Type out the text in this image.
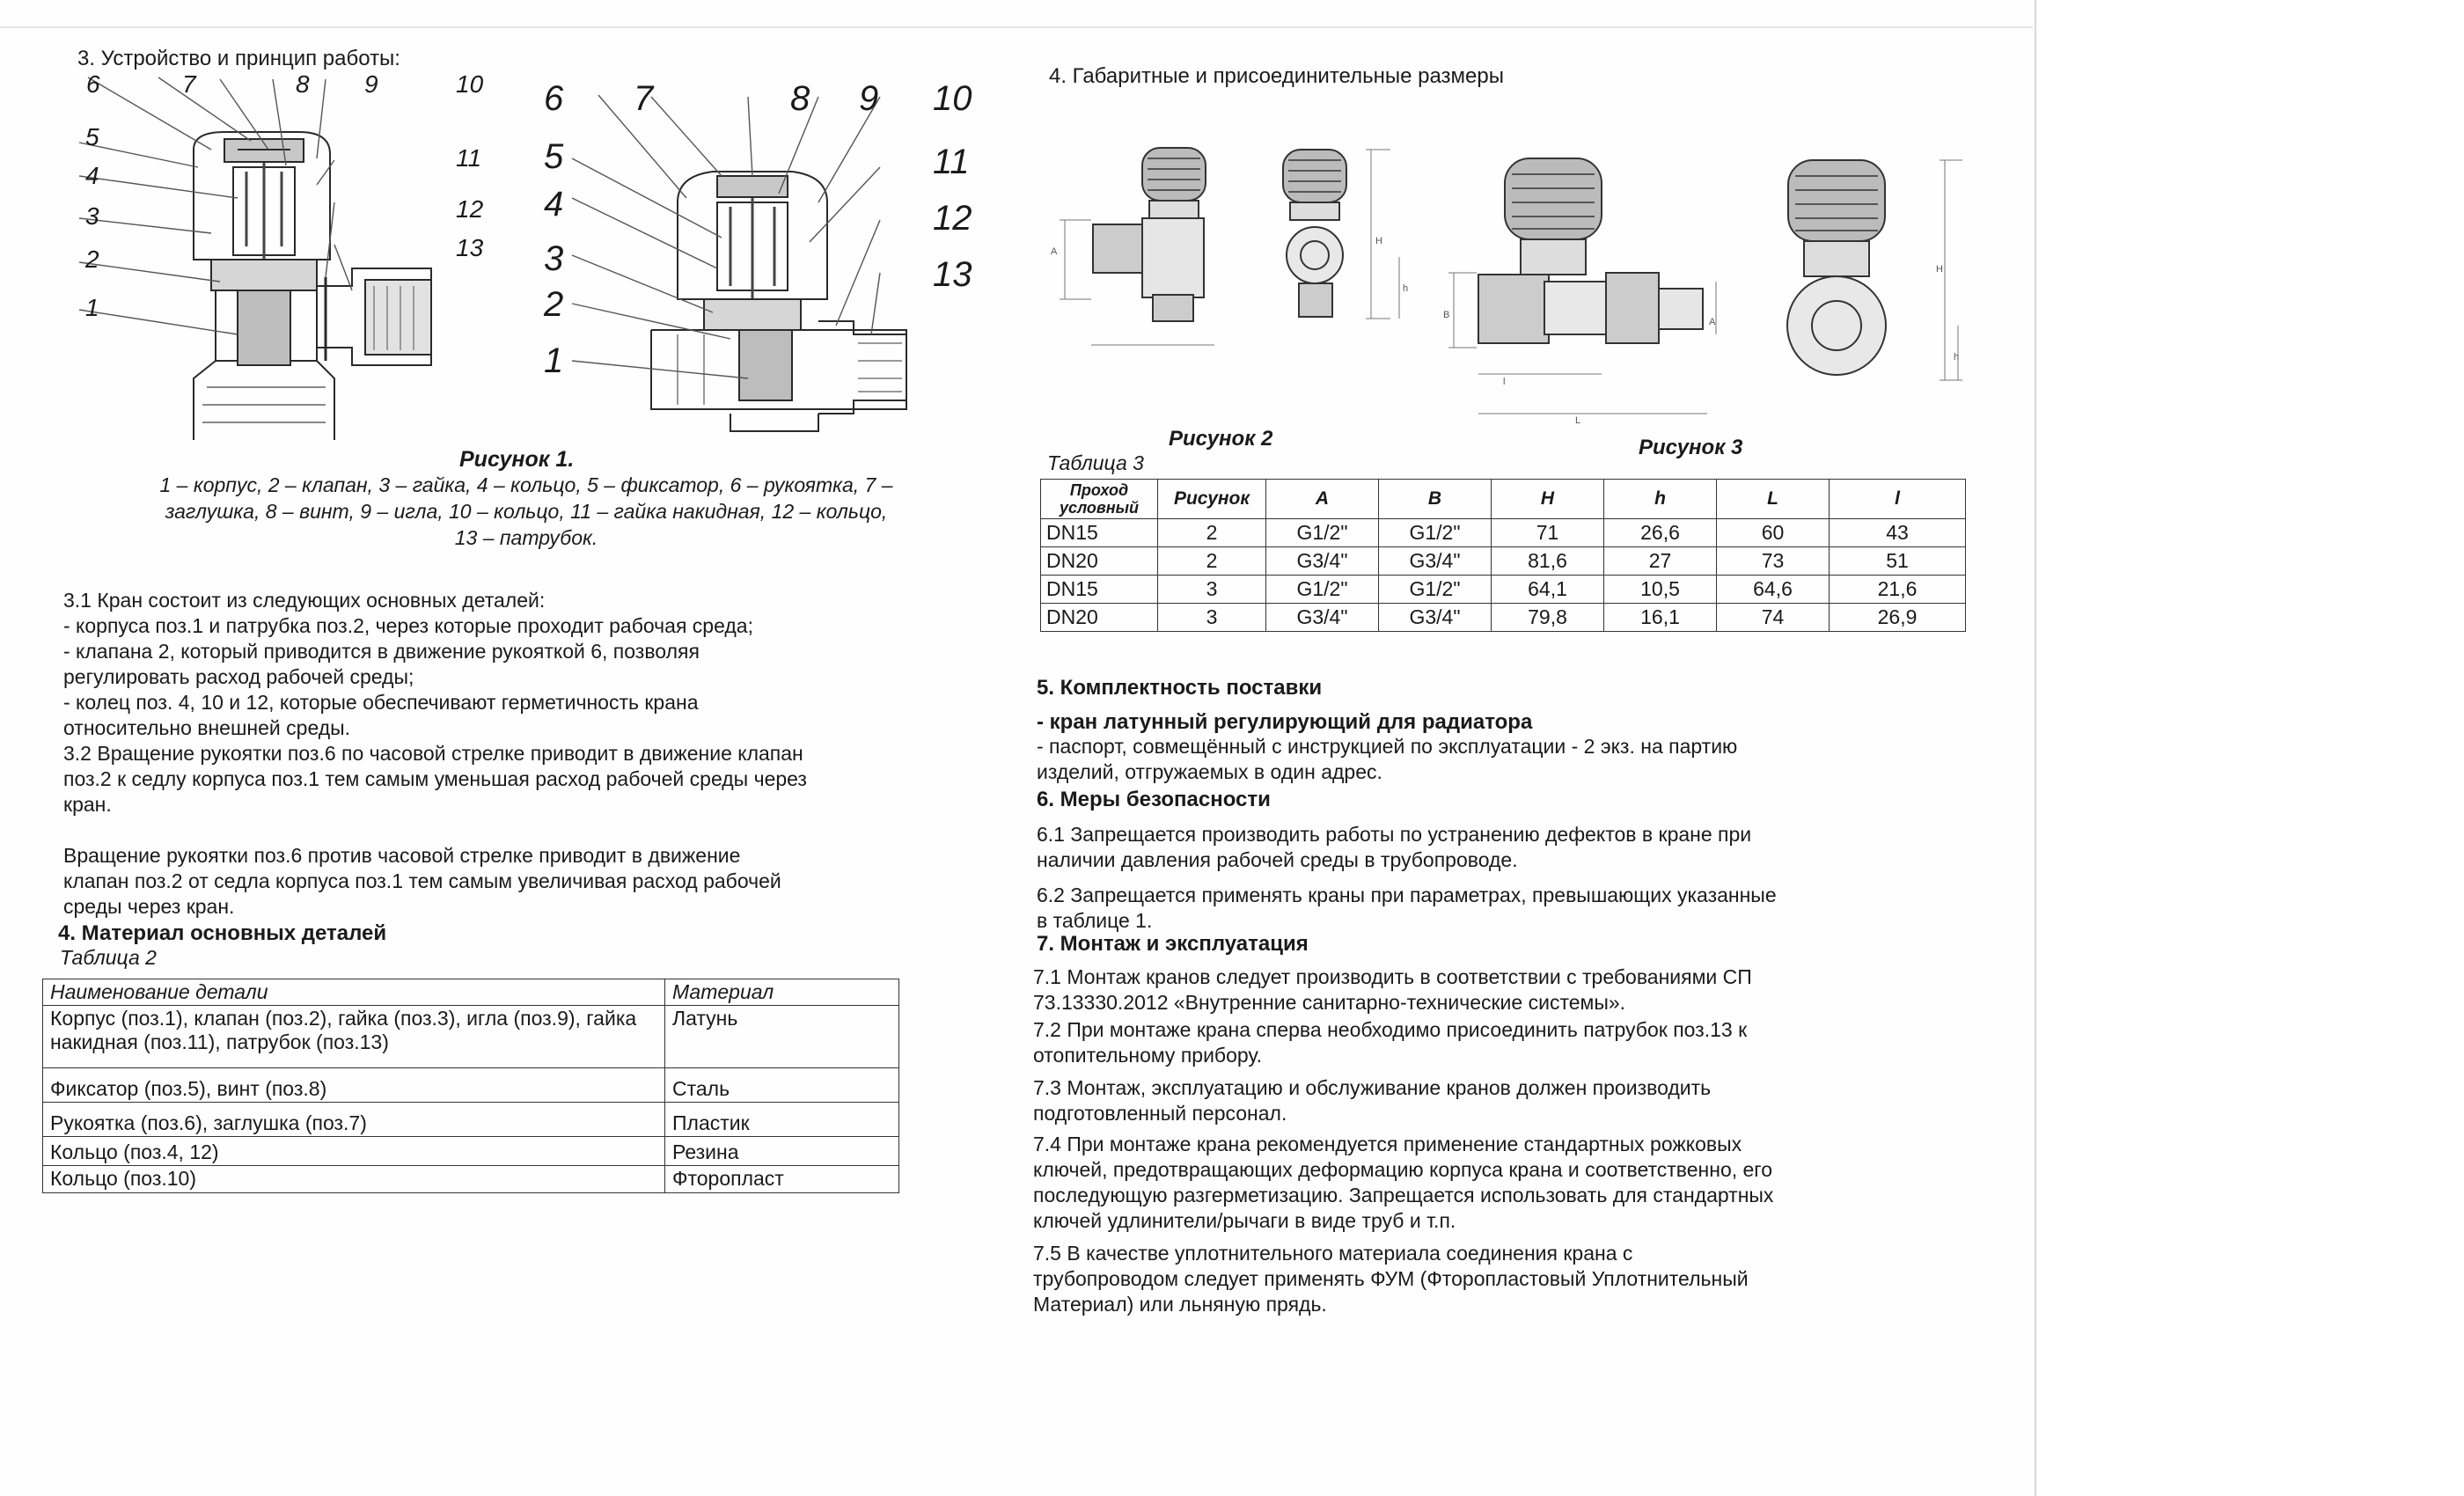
3. Устройство и принцип работы:
6	7	8 9	10
5
4
3
2
1
11
12
13
6 7	8 9 10
5
4
3
2
1
11
12
13
Рисунок 1.
1 – корпус, 2 – клапан, 3 – гайка, 4 – кольцо, 5 – фиксатор, 6 – рукоятка, 7 –
заглушка, 8 – винт, 9 – игла, 10 – кольцо, 11 – гайка накидная, 12 – кольцо,
13 – патрубок.
3.1 Кран состоит из следующих основных деталей:
- корпуса поз.1 и патрубка поз.2, через которые проходит рабочая среда;
- клапана 2, который приводится в движение рукояткой 6, позволяя
регулировать расход рабочей среды;
- колец поз. 4, 10 и 12, которые обеспечивают герметичность крана
относительно внешней среды.
3.2 Вращение рукоятки поз.6 по часовой стрелке приводит в движение клапан
поз.2 к седлу корпуса поз.1 тем самым уменьшая расход рабочей среды через
кран.
Вращение рукоятки поз.6 против часовой стрелке приводит в движение
клапан поз.2 от седла корпуса поз.1 тем самым увеличивая расход рабочей
среды через кран.
4. Материал основных деталей
Таблица 2
Наименование детали	Материал
Корпус (поз.1), клапан (поз.2), гайка (поз.3), игла (поз.9), гайка накидная (поз.11), патрубок (поз.13)	Латунь
Фиксатор (поз.5), винт (поз.8)	Сталь
Рукоятка (поз.6), заглушка (поз.7)	Пластик
Кольцо (поз.4, 12)	Резина
Кольцо (поз.10)	Фторопласт
4. Габаритные и присоединительные размеры
A
H
h
B
L
l
A
H
h
Рисунок 2	Рисунок 3
Таблица 3
Проход условный	Рисунок	A	B	H	h	L	l
DN15	2	G1/2"	G1/2"	71	26,6	60	43
DN20	2	G3/4"	G3/4"	81,6	27	73	51
DN15	3	G1/2"	G1/2"	64,1	10,5	64,6	21,6
DN20	3	G3/4"	G3/4"	79,8	16,1	74	26,9
5. Комплектность поставки
- кран латунный регулирующий для радиатора
- паспорт, совмещённый с инструкцией по эксплуатации - 2 экз. на партию
изделий, отгружаемых в один адрес.
6. Меры безопасности
6.1 Запрещается производить работы по устранению дефектов в кране при
наличии давления рабочей среды в трубопроводе.
6.2 Запрещается применять краны при параметрах, превышающих указанные
в таблице 1.
7. Монтаж и эксплуатация
7.1 Монтаж кранов следует производить в соответствии с требованиями СП
73.13330.2012 «Внутренние санитарно-технические системы».
7.2 При монтаже крана сперва необходимо присоединить патрубок поз.13 к
отопительному прибору.
7.3 Монтаж, эксплуатацию и обслуживание кранов должен производить
подготовленный персонал.
7.4 При монтаже крана рекомендуется применение стандартных рожковых
ключей, предотвращающих деформацию корпуса крана и соответственно, его
последующую разгерметизацию. Запрещается использовать для стандартных
ключей удлинители/рычаги в виде труб и т.п.
7.5 В качестве уплотнительного материала соединения крана с
трубопроводом следует применять ФУМ (Фторопластовый Уплотнительный
Материал) или льняную прядь.
